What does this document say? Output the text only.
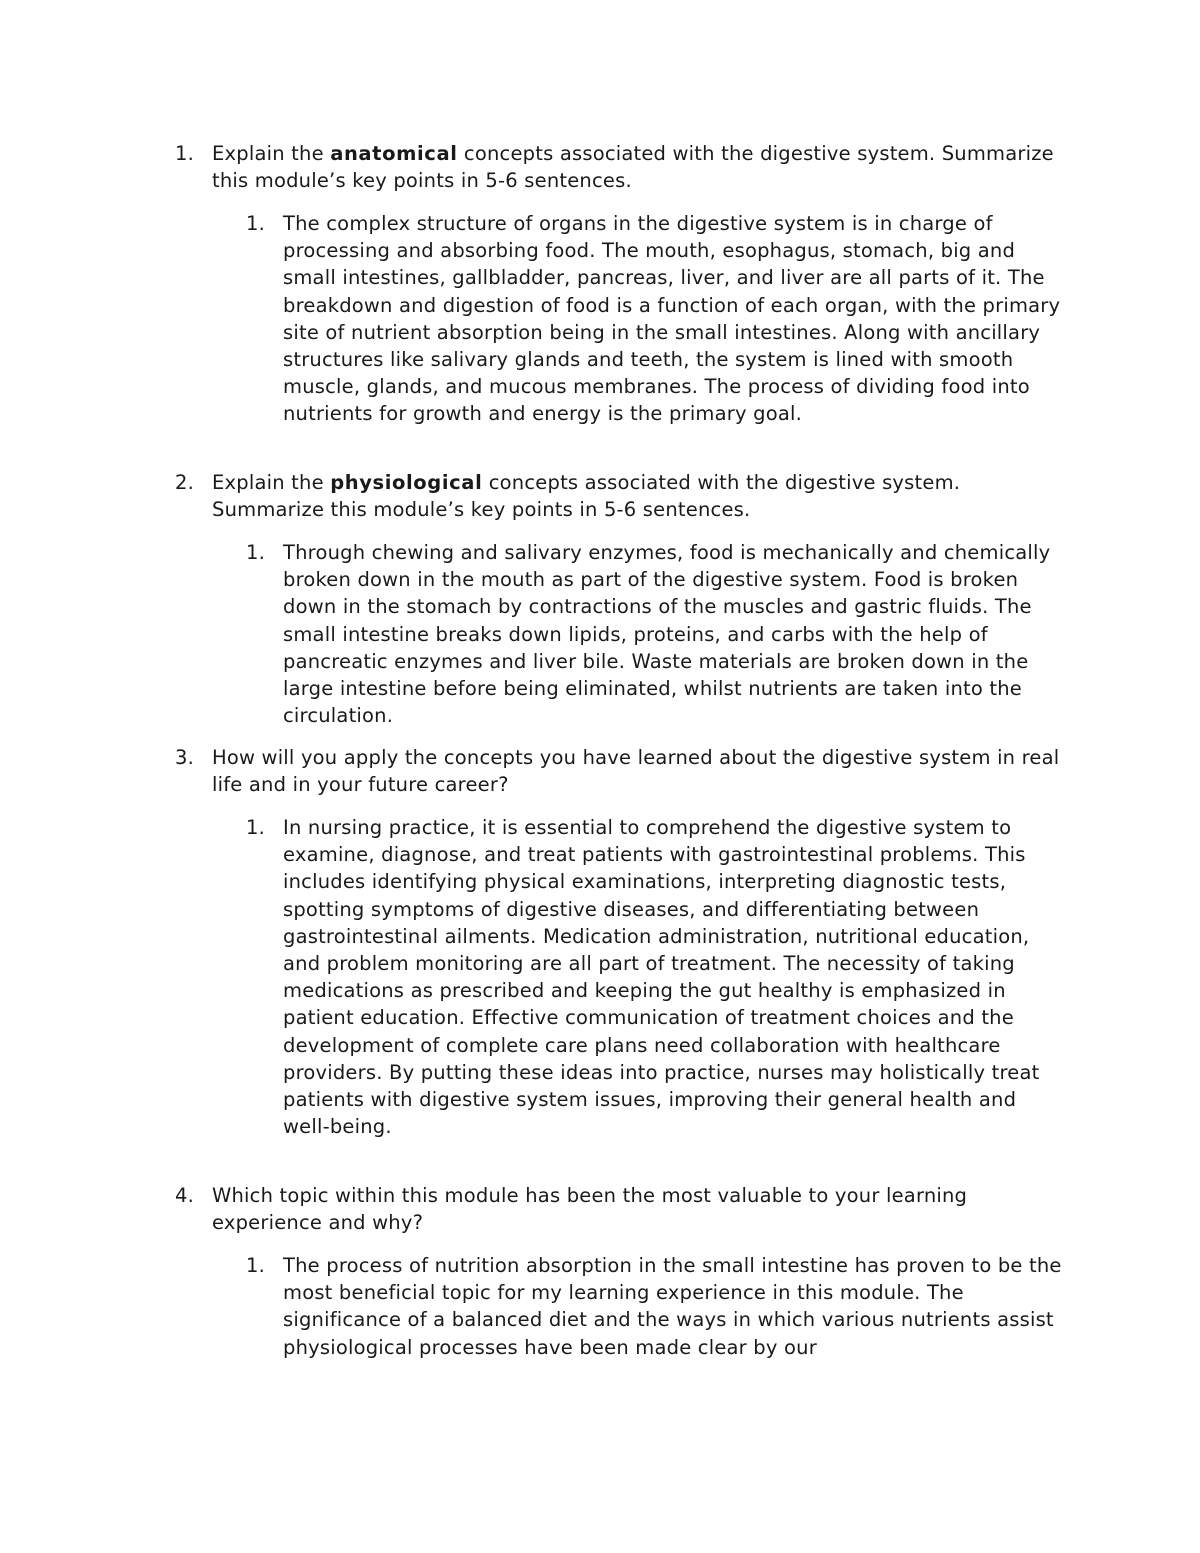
1. Explain the anatomical concepts associated with the digestive system. Summarize this module’s key points in 5-6 sentences.

1. The complex structure of organs in the digestive system is in charge of processing and absorbing food. The mouth, esophagus, stomach, big and small intestines, gallbladder, pancreas, liver, and liver are all parts of it. The breakdown and digestion of food is a function of each organ, with the primary site of nutrient absorption being in the small intestines. Along with ancillary structures like salivary glands and teeth, the system is lined with smooth muscle, glands, and mucous membranes. The process of dividing food into nutrients for growth and energy is the primary goal.

2. Explain the physiological concepts associated with the digestive system. Summarize this module’s key points in 5-6 sentences.

1. Through chewing and salivary enzymes, food is mechanically and chemically broken down in the mouth as part of the digestive system. Food is broken down in the stomach by contractions of the muscles and gastric fluids. The small intestine breaks down lipids, proteins, and carbs with the help of pancreatic enzymes and liver bile. Waste materials are broken down in the large intestine before being eliminated, whilst nutrients are taken into the circulation.

3. How will you apply the concepts you have learned about the digestive system in real life and in your future career?

1. In nursing practice, it is essential to comprehend the digestive system to examine, diagnose, and treat patients with gastrointestinal problems. This includes identifying physical examinations, interpreting diagnostic tests, spotting symptoms of digestive diseases, and differentiating between gastrointestinal ailments. Medication administration, nutritional education, and problem monitoring are all part of treatment. The necessity of taking medications as prescribed and keeping the gut healthy is emphasized in patient education. Effective communication of treatment choices and the development of complete care plans need collaboration with healthcare providers. By putting these ideas into practice, nurses may holistically treat patients with digestive system issues, improving their general health and well-being.

4. Which topic within this module has been the most valuable to your learning experience and why?

1. The process of nutrition absorption in the small intestine has proven to be the most beneficial topic for my learning experience in this module. The significance of a balanced diet and the ways in which various nutrients assist physiological processes have been made clear by our
